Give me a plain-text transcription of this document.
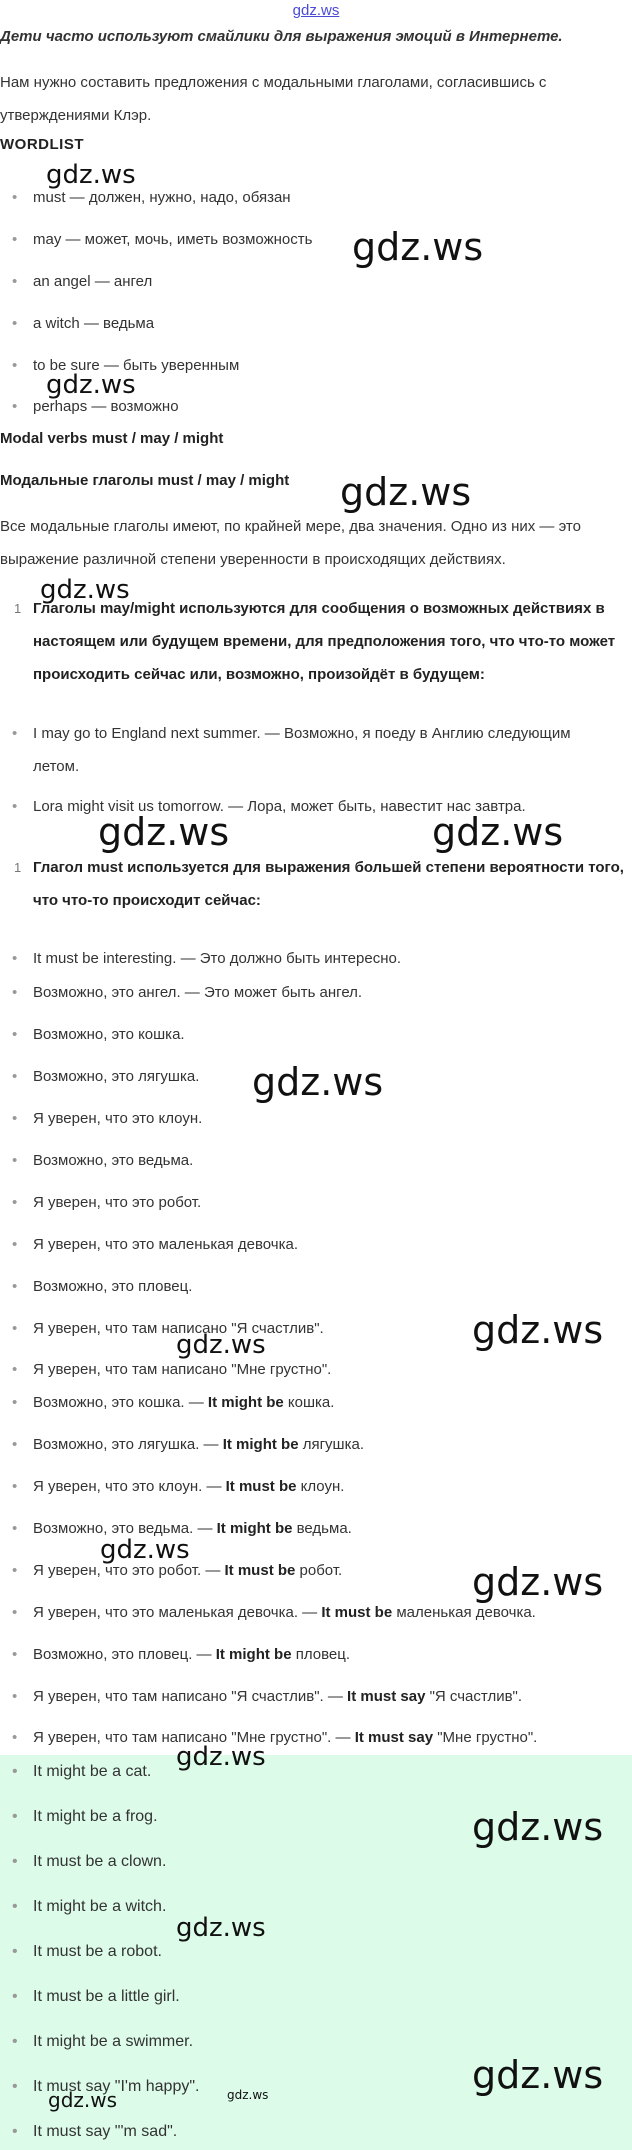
gdz.ws
Дети часто используют смайлики для выражения эмоций в Интернете.
Нам нужно составить предложения с модальными глаголами, согласившись с утверждениями Клэр.
WORDLIST
• must — должен, нужно, надо, обязан
• may — может, мочь, иметь возможность
• an angel — ангел
• a witch — ведьма
• to be sure — быть уверенным
• perhaps — возможно
Modal verbs must / may / might
Модальные глаголы must / may / might
Все модальные глаголы имеют, по крайней мере, два значения. Одно из них — это выражение различной степени уверенности в происходящих действиях.
1 Глаголы may/might используются для сообщения о возможных действиях в настоящем или будущем времени, для предположения того, что что-то может происходить сейчас или, возможно, произойдёт в будущем:
• I may go to England next summer. — Возможно, я поеду в Англию следующим летом.
• Lora might visit us tomorrow. — Лора, может быть, навестит нас завтра.
1 Глагол must используется для выражения большей степени вероятности того, что что-то происходит сейчас:
• It must be interesting. — Это должно быть интересно.
• Возможно, это ангел. — Это может быть ангел.
• Возможно, это кошка.
• Возможно, это лягушка.
• Я уверен, что это клоун.
• Возможно, это ведьма.
• Я уверен, что это робот.
• Я уверен, что это маленькая девочка.
• Возможно, это пловец.
• Я уверен, что там написано "Я счастлив".
• Я уверен, что там написано "Мне грустно".
• Возможно, это кошка. — It might be кошка.
• Возможно, это лягушка. — It might be лягушка.
• Я уверен, что это клоун. — It must be клоун.
• Возможно, это ведьма. — It might be ведьма.
• Я уверен, что это робот. — It must be робот.
• Я уверен, что это маленькая девочка. — It must be маленькая девочка.
• Возможно, это пловец. — It might be пловец.
• Я уверен, что там написано "Я счастлив". — It must say "Я счастлив".
• Я уверен, что там написано "Мне грустно". — It must say "Мне грустно".
• It might be a cat.
• It might be a frog.
• It must be a clown.
• It might be a witch.
• It must be a robot.
• It must be a little girl.
• It might be a swimmer.
• It must say "I'm happy".
• It must say "'m sad".
gdz.ws
gdz.ws
gdz.ws
gdz.ws
gdz.ws
gdz.ws	gdz.ws
gdz.ws
gdz.ws
gdz.ws
gdz.ws
gdz.ws
gdz.ws
gdz.ws
gdz.ws
gdz.ws
gdz.ws
gdz.ws
